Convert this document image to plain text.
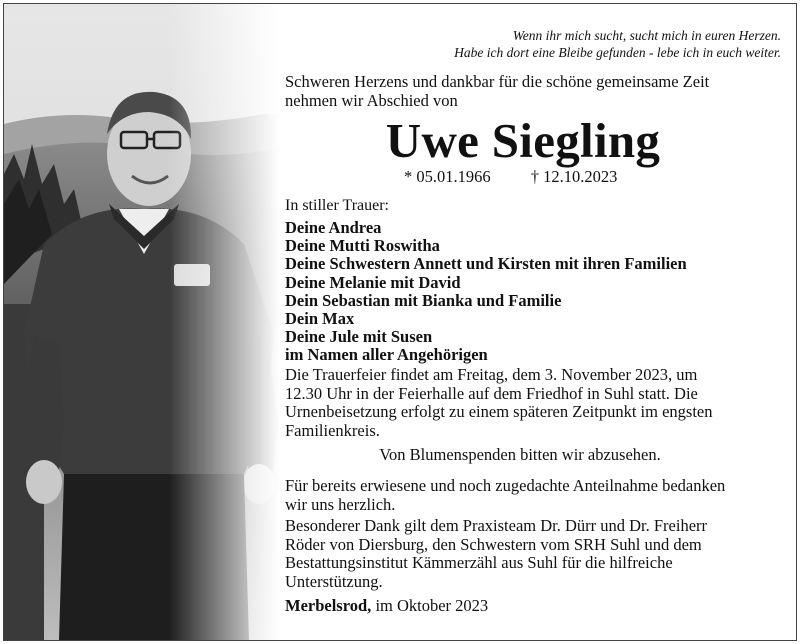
Wenn ihr mich sucht, sucht mich in euren Herzen.
Habe ich dort eine Bleibe gefunden - lebe ich in euch weiter.
Schweren Herzens und dankbar für die schöne gemeinsame Zeit
nehmen wir Abschied von
Uwe Siegling
* 05.01.1966 † 12.10.2023
In stiller Trauer:
Deine Andrea
Deine Mutti Roswitha
Deine Schwestern Annett und Kirsten mit ihren Familien
Deine Melanie mit David
Dein Sebastian mit Bianka und Familie
Dein Max
Deine Jule mit Susen
im Namen aller Angehörigen
Die Trauerfeier findet am Freitag, dem 3. November 2023, um
12.30 Uhr in der Feierhalle auf dem Friedhof in Suhl statt. Die
Urnenbeisetzung erfolgt zu einem späteren Zeitpunkt im engsten
Familienkreis.
Von Blumenspenden bitten wir abzusehen.
Für bereits erwiesene und noch zugedachte Anteilnahme bedanken
wir uns herzlich.
Besonderer Dank gilt dem Praxisteam Dr. Dürr und Dr. Freiherr
Röder von Diersburg, den Schwestern vom SRH Suhl und dem
Bestattungsinstitut Kämmerzähl aus Suhl für die hilfreiche
Unterstützung.
Merbelsrod, im Oktober 2023
